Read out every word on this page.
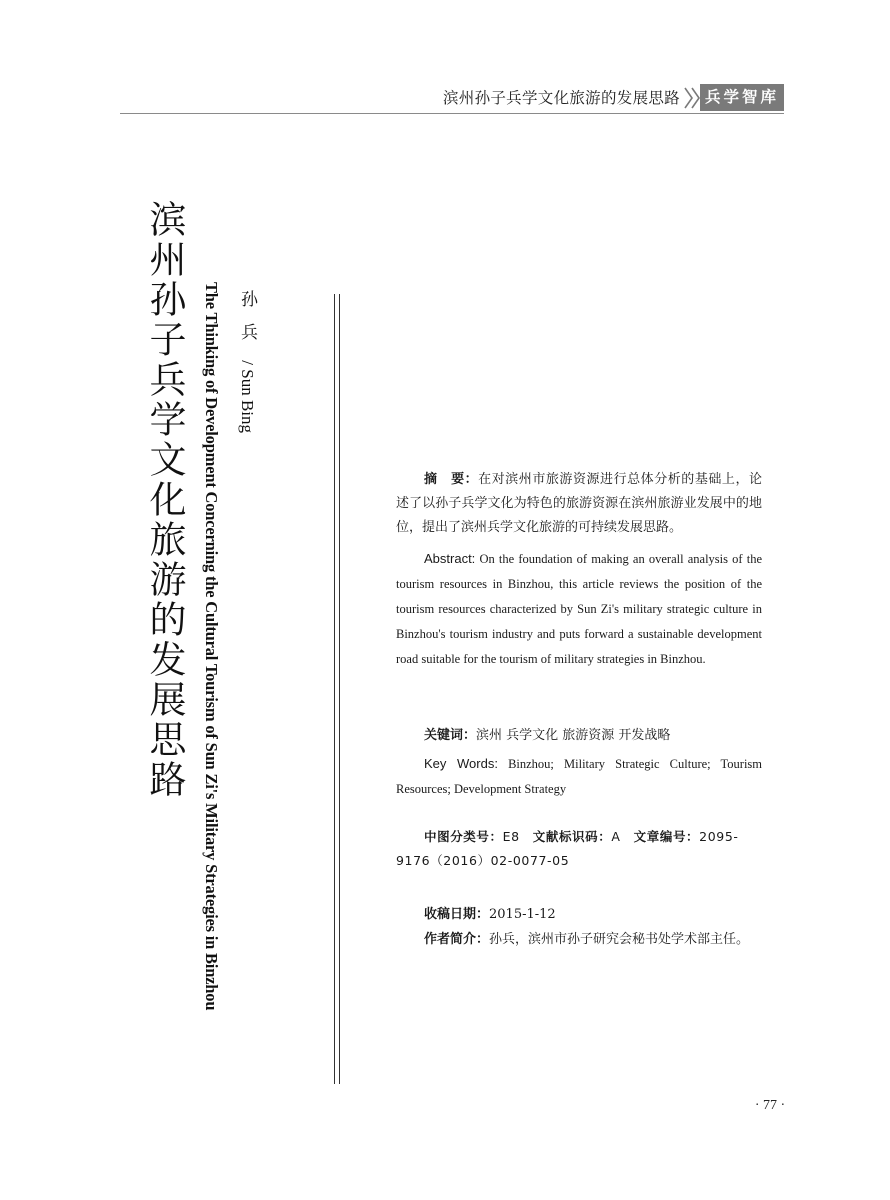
滨州孙子兵学文化旅游的发展思路	兵学智库
滨州孙子兵学文化旅游的发展思路 The Thinking of Development Concerning the Cultural Tourism of Sun Zi's Military Strategies in Binzhou	孙兵 / Sun Bing

摘　要：在对滨州市旅游资源进行总体分析的基础上，论述了以孙子兵学文化为特色的旅游资源在滨州旅游业发展中的地位，提出了滨州兵学文化旅游的可持续发展思路。

Abstract: On the foundation of making an overall analysis of the tourism resources in Binzhou, this article reviews the position of the tourism resources characterized by Sun Zi's military strategic culture in Binzhou's tourism industry and puts forward a sustainable development road suitable for the tourism of military strategies in Binzhou.

关键词：滨州 兵学文化 旅游资源 开发战略

Key Words: Binzhou; Military Strategic Culture; Tourism Resources; Development Strategy

中图分类号：E8　 文献标识码：A　 文章编号：2095-9176（2016）02-0077-05

收稿日期：2015-1-12

作者简介：孙兵，滨州市孙子研究会秘书处学术部主任。

· 77 ·
